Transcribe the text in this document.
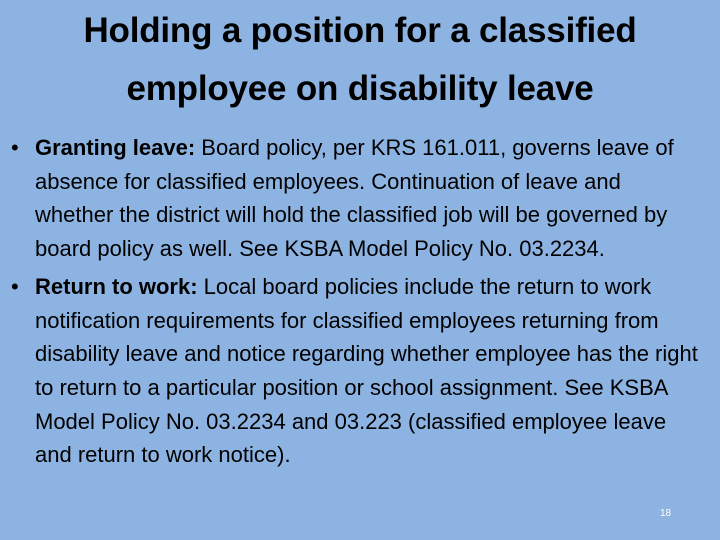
Holding a position for a classified employee on disability leave
• Granting leave: Board policy, per KRS 161.011, governs leave of absence for classified employees. Continuation of leave and whether the district will hold the classified job will be governed by board policy as well. See KSBA Model Policy No. 03.2234.
• Return to work: Local board policies include the return to work notification requirements for classified employees returning from disability leave and notice regarding whether employee has the right to return to a particular position or school assignment. See KSBA Model Policy No. 03.2234 and 03.223 (classified employee leave and return to work notice).
18
